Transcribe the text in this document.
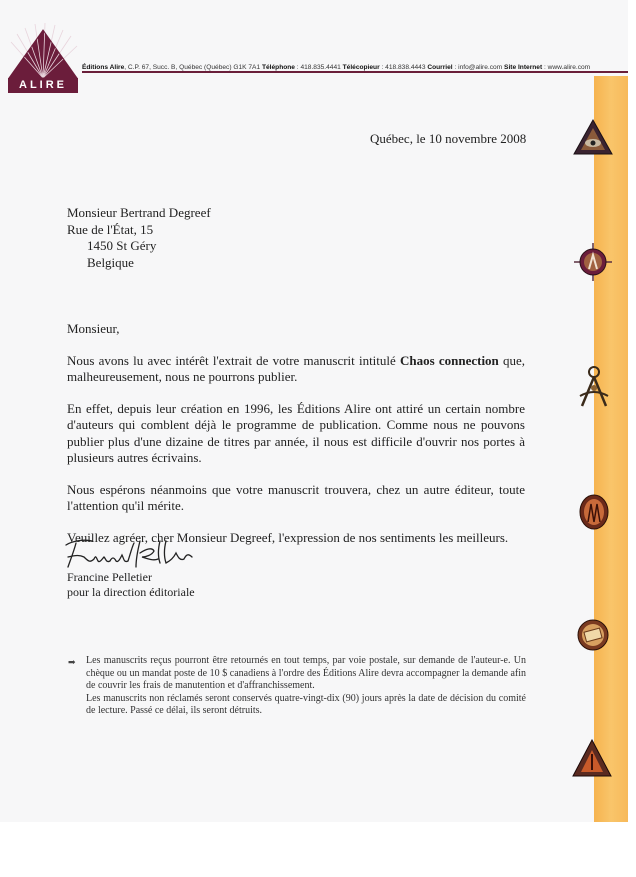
ALIRE
Éditions Alire, C.P. 67, Succ. B, Québec (Québec) G1K 7A1 Téléphone : 418.835.4441 Télécopieur : 418.838.4443 Courriel : info@alire.com Site Internet : www.alire.com
Québec, le 10 novembre 2008
Monsieur Bertrand Degreef
Rue de l'État, 15
1450 St Géry
Belgique

Monsieur,

Nous avons lu avec intérêt l'extrait de votre manuscrit intitulé Chaos connection que, malheureusement, nous ne pourrons publier.

En effet, depuis leur création en 1996, les Éditions Alire ont attiré un certain nombre d'auteurs qui comblent déjà le programme de publication. Comme nous ne pouvons publier plus d'une dizaine de titres par année, il nous est difficile d'ouvrir nos portes à plusieurs autres écrivains.

Nous espérons néanmoins que votre manuscrit trouvera, chez un autre éditeur, toute l'attention qu'il mérite.

Veuillez agréer, cher Monsieur Degreef, l'expression de nos sentiments les meilleurs.

Francine Pelletier
pour la direction éditoriale
➡ Les manuscrits reçus pourront être retournés en tout temps, par voie postale, sur demande de l'auteur-e. Un chèque ou un mandat poste de 10 $ canadiens à l'ordre des Éditions Alire devra accompagner la demande afin de couvrir les frais de manutention et d'affranchissement.

Les manuscrits non réclamés seront conservés quatre-vingt-dix (90) jours après la date de décision du comité de lecture. Passé ce délai, ils seront détruits.
